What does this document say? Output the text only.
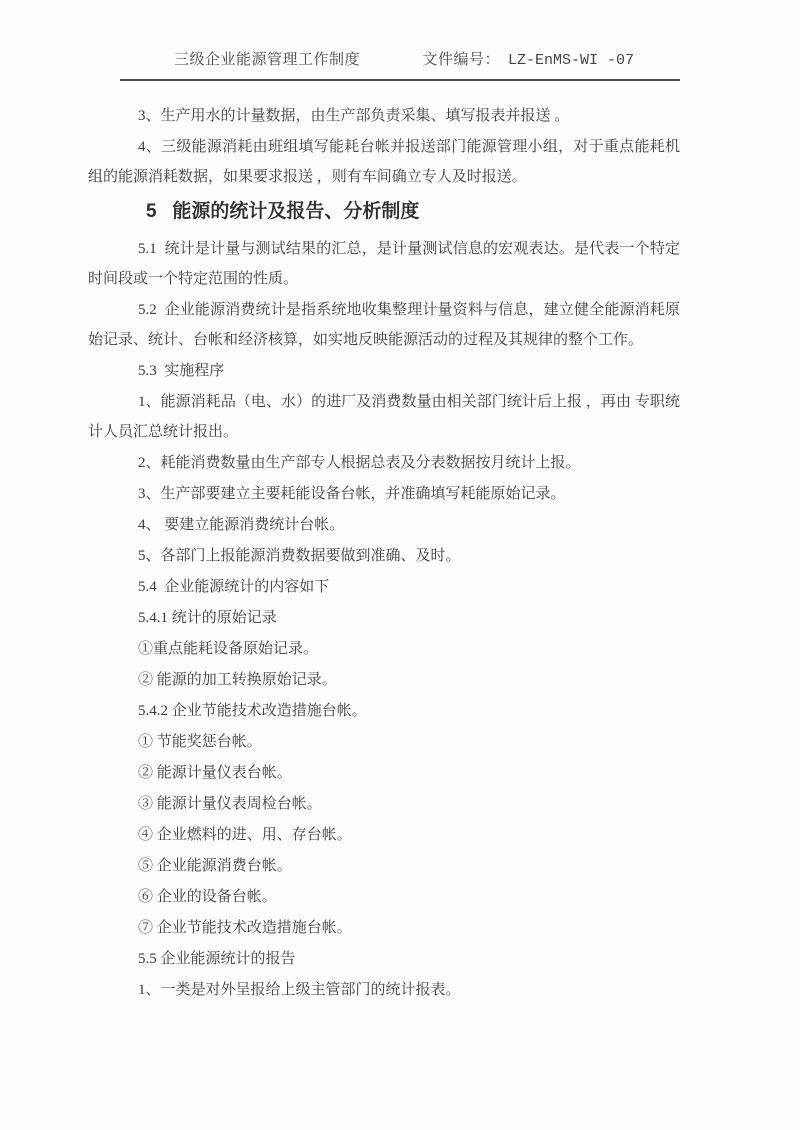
三级企业能源管理工作制度	文件编号： LZ-EnMS-WI -07

3、生产用水的计量数据，由生产部负责采集、填写报表并报送 。

4、三级能源消耗由班组填写能耗台帐并报送部门能源管理小组，对于重点能耗机组的能源消耗数据，如果要求报送 ，则有车间确立专人及时报送。

5   能源的统计及报告、分析制度

5.1  统计是计量与测试结果的汇总，是计量测试信息的宏观表达。是代表一个特定时间段或一个特定范围的性质。

5.2  企业能源消费统计是指系统地收集整理计量资料与信息，建立健全能源消耗原始记录、统计、台帐和经济核算，如实地反映能源活动的过程及其规律的整个工作。

5.3  实施程序

1、能源消耗品（电、水）的进厂及消费数量由相关部门统计后上报 ，再由 专职统计人员汇总统计报出。

2、耗能消费数量由生产部专人根据总表及分表数据按月统计上报。

3、生产部要建立主要耗能设备台帐，并准确填写耗能原始记录。

4、 要建立能源消费统计台帐。

5、各部门上报能源消费数据要做到准确、及时。

5.4  企业能源统计的内容如下

5.4.1 统计的原始记录

①重点能耗设备原始记录。

② 能源的加工转换原始记录。

5.4.2 企业节能技术改造措施台帐。

① 节能奖惩台帐。

② 能源计量仪表台帐。

③ 能源计量仪表周检台帐。

④ 企业燃料的进、用、存台帐。

⑤ 企业能源消费台帐。

⑥ 企业的设备台帐。

⑦ 企业节能技术改造措施台帐。

5.5 企业能源统计的报告

1、一类是对外呈报给上级主管部门的统计报表。
